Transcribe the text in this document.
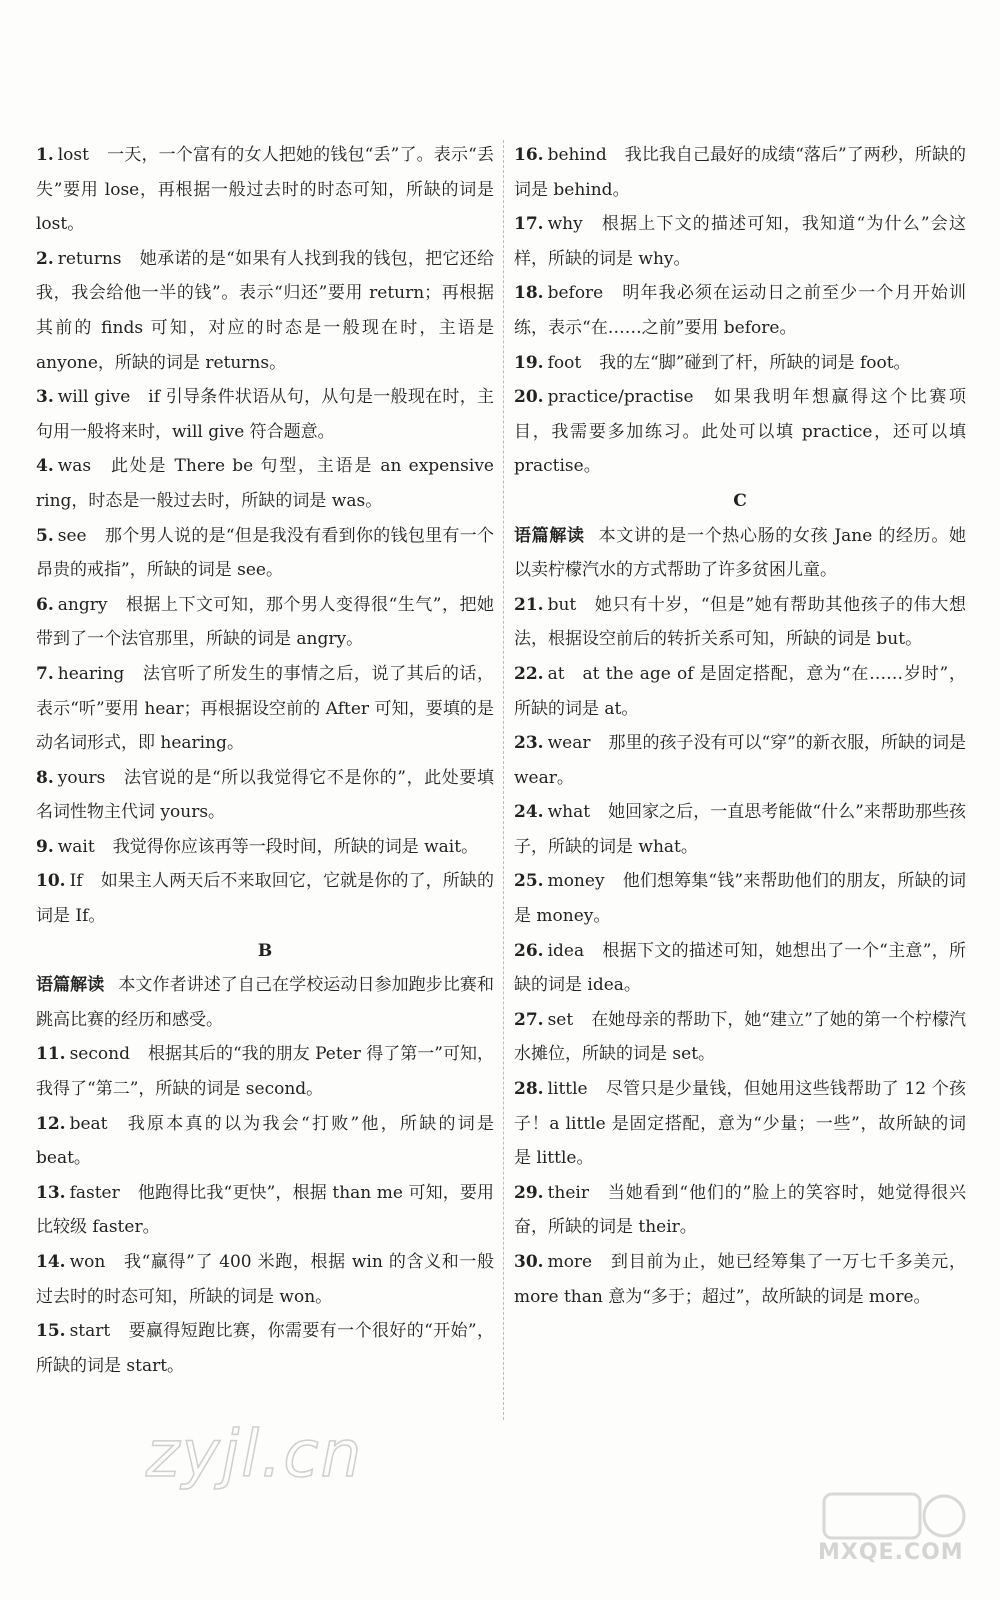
1. lost 一天，一个富有的女人把她的钱包“丢”了。表示“丢失”要用 lose，再根据一般过去时的时态可知，所缺的词是 lost。

2. returns 她承诺的是“如果有人找到我的钱包，把它还给我，我会给他一半的钱”。表示“归还”要用 return；再根据其前的 finds 可知，对应的时态是一般现在时，主语是 anyone，所缺的词是 returns。

3. will give if 引导条件状语从句，从句是一般现在时，主句用一般将来时，will give 符合题意。

4. was 此处是 There be 句型，主语是 an expensive ring，时态是一般过去时，所缺的词是 was。

5. see 那个男人说的是“但是我没有看到你的钱包里有一个昂贵的戒指”，所缺的词是 see。

6. angry 根据上下文可知，那个男人变得很“生气”，把她带到了一个法官那里，所缺的词是 angry。

7. hearing 法官听了所发生的事情之后，说了其后的话，表示“听”要用 hear；再根据设空前的 After 可知，要填的是动名词形式，即 hearing。

8. yours 法官说的是“所以我觉得它不是你的”，此处要填名词性物主代词 yours。

9. wait 我觉得你应该再等一段时间，所缺的词是 wait。

10. If 如果主人两天后不来取回它，它就是你的了，所缺的词是 If。

B

语篇解读 本文作者讲述了自己在学校运动日参加跑步比赛和跳高比赛的经历和感受。

11. second 根据其后的“我的朋友 Peter 得了第一”可知，我得了“第二”，所缺的词是 second。

12. beat 我原本真的以为我会“打败”他，所缺的词是 beat。

13. faster 他跑得比我“更快”，根据 than me 可知，要用比较级 faster。

14. won 我“赢得”了 400 米跑，根据 win 的含义和一般过去时的时态可知，所缺的词是 won。

15. start 要赢得短跑比赛，你需要有一个很好的“开始”，所缺的词是 start。

16. behind 我比我自己最好的成绩“落后”了两秒，所缺的词是 behind。

17. why 根据上下文的描述可知，我知道“为什么”会这样，所缺的词是 why。

18. before 明年我必须在运动日之前至少一个月开始训练，表示“在……之前”要用 before。

19. foot 我的左“脚”碰到了杆，所缺的词是 foot。

20. practice/practise 如果我明年想赢得这个比赛项目，我需要多加练习。此处可以填 practice，还可以填 practise。

C

语篇解读 本文讲的是一个热心肠的女孩 Jane 的经历。她以卖柠檬汽水的方式帮助了许多贫困儿童。

21. but 她只有十岁，“但是”她有帮助其他孩子的伟大想法，根据设空前后的转折关系可知，所缺的词是 but。

22. at at the age of 是固定搭配，意为“在……岁时”，所缺的词是 at。

23. wear 那里的孩子没有可以“穿”的新衣服，所缺的词是 wear。

24. what 她回家之后，一直思考能做“什么”来帮助那些孩子，所缺的词是 what。

25. money 他们想筹集“钱”来帮助他们的朋友，所缺的词是 money。

26. idea 根据下文的描述可知，她想出了一个“主意”，所缺的词是 idea。

27. set 在她母亲的帮助下，她“建立”了她的第一个柠檬汽水摊位，所缺的词是 set。

28. little 尽管只是少量钱，但她用这些钱帮助了 12 个孩子！a little 是固定搭配，意为“少量；一些”，故所缺的词是 little。

29. their 当她看到“他们的”脸上的笑容时，她觉得很兴奋，所缺的词是 their。

30. more 到目前为止，她已经筹集了一万七千多美元，more than 意为“多于；超过”，故所缺的词是 more。

zyjl.cn
MXQE.COM
